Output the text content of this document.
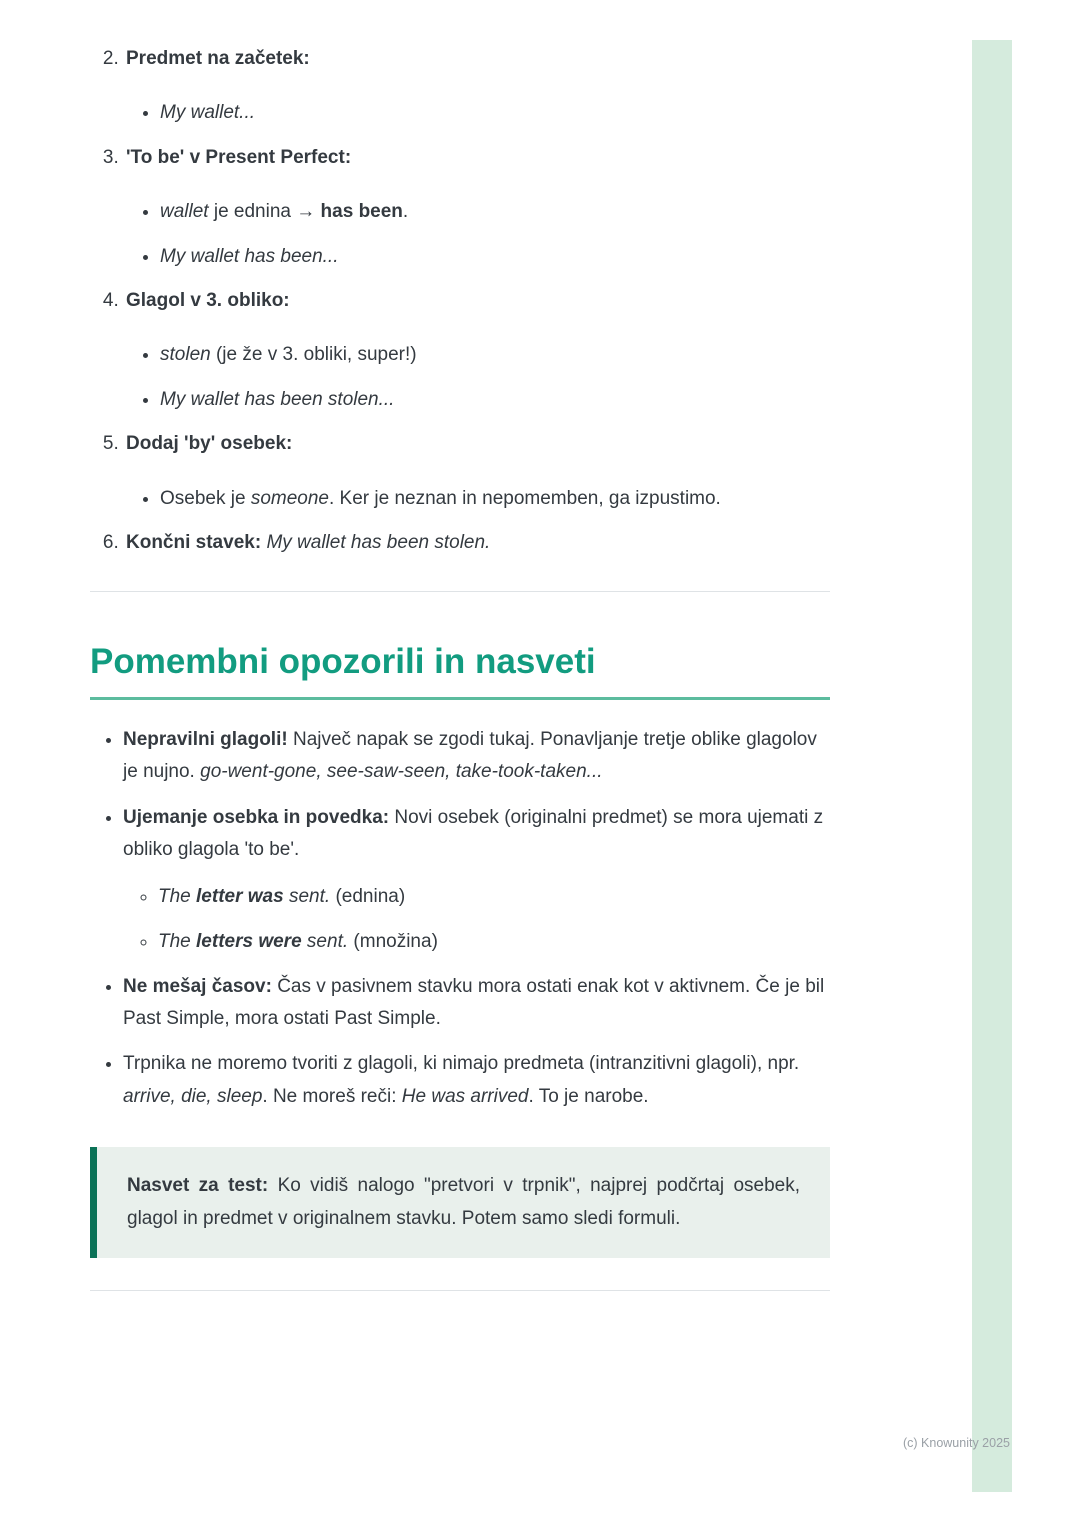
2. Predmet na začetek:
• My wallet...
3. 'To be' v Present Perfect:
• wallet je ednina → has been.
• My wallet has been...
4. Glagol v 3. obliko:
• stolen (je že v 3. obliki, super!)
• My wallet has been stolen...
5. Dodaj 'by' osebek:
• Osebek je someone. Ker je neznan in nepomemben, ga izpustimo.
6. Končni stavek: My wallet has been stolen.
Pomembni opozorili in nasveti
• Nepravilni glagoli! Največ napak se zgodi tukaj. Ponavljanje tretje oblike glagolov je nujno. go-went-gone, see-saw-seen, take-took-taken...
• Ujemanje osebka in povedka: Novi osebek (originalni predmet) se mora ujemati z obliko glagola 'to be'.
◦ The letter was sent. (ednina)
◦ The letters were sent. (množina)
• Ne mešaj časov: Čas v pasivnem stavku mora ostati enak kot v aktivnem. Če je bil Past Simple, mora ostati Past Simple.
• Trpnika ne moremo tvoriti z glagoli, ki nimajo predmeta (intranzitivni glagoli), npr. arrive, die, sleep. Ne moreš reči: He was arrived. To je narobe.

Nasvet za test: Ko vidiš nalogo "pretvori v trpnik", najprej podčrtaj osebek, glagol in predmet v originalnem stavku. Potem samo sledi formuli.

(c) Knowunity 2025
